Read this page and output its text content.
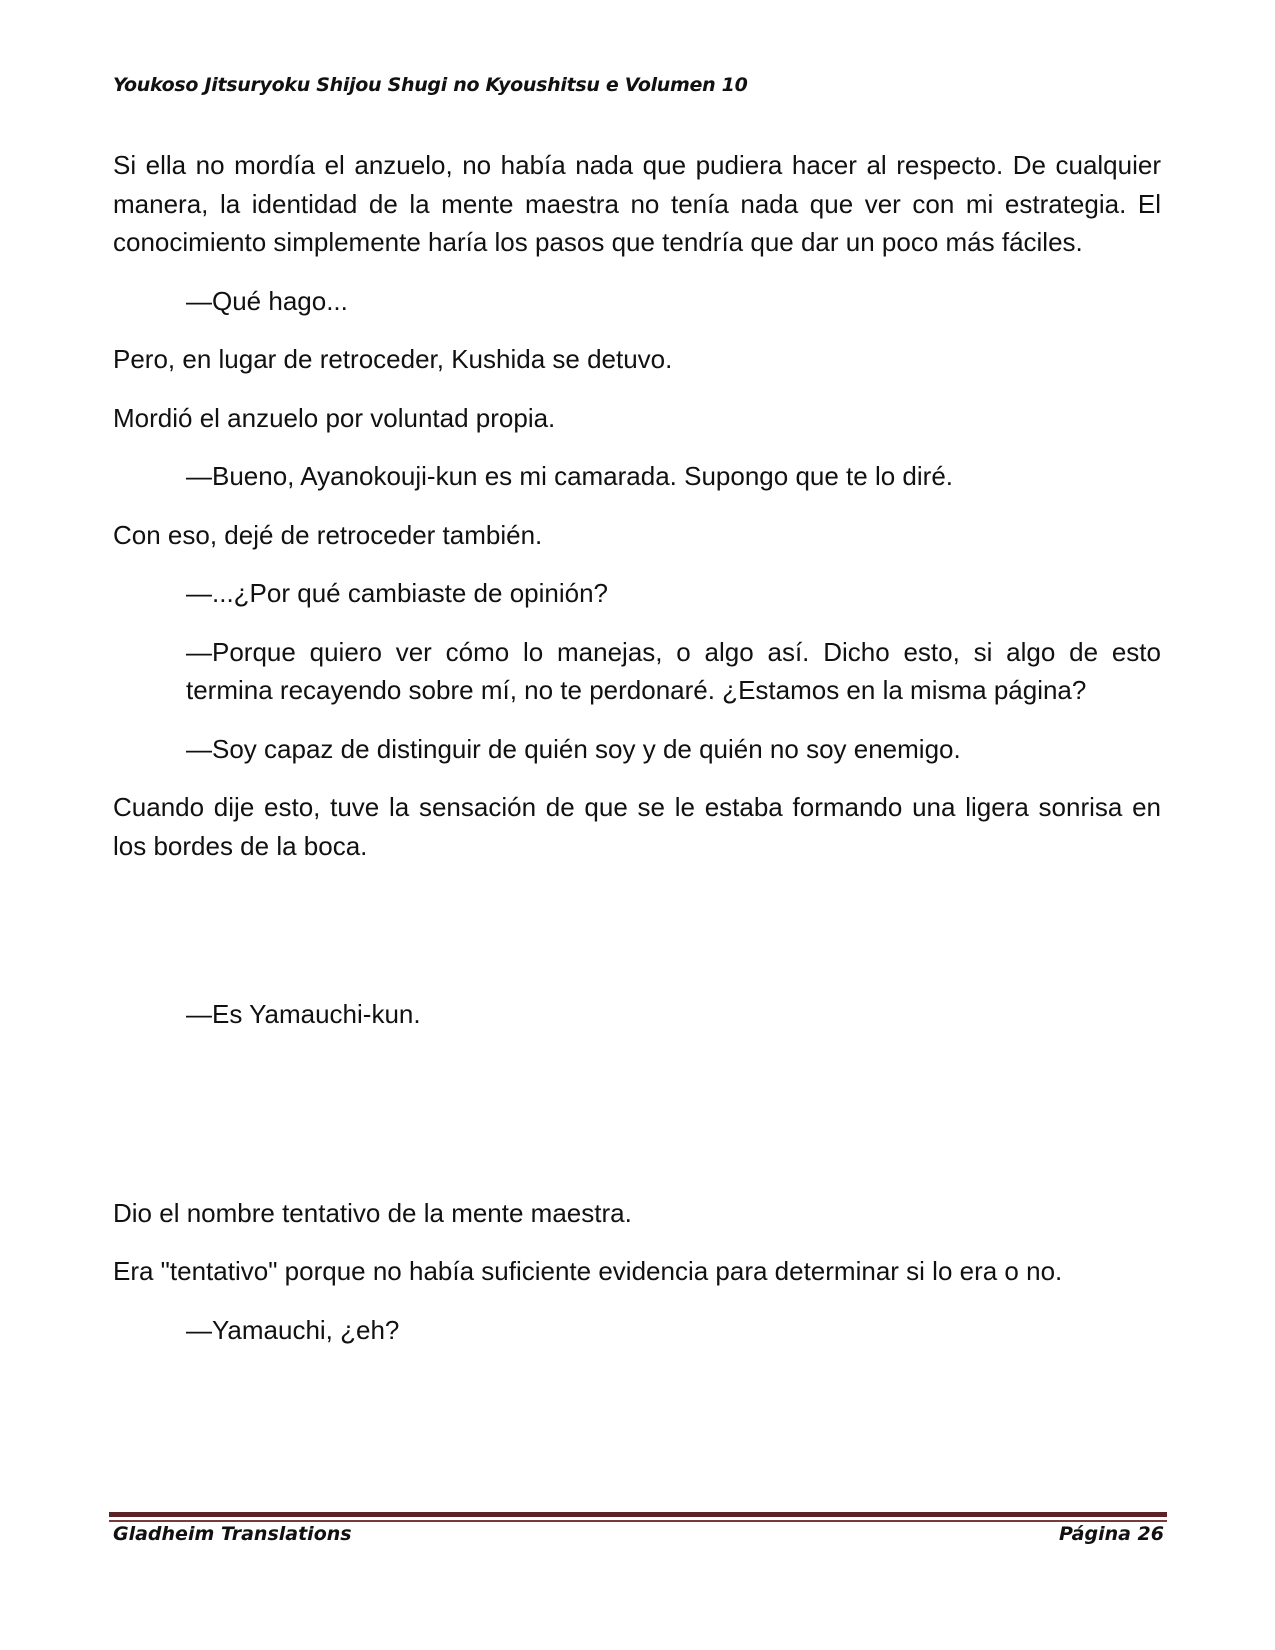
Youkoso Jitsuryoku Shijou Shugi no Kyoushitsu e Volumen 10

Si ella no mordía el anzuelo, no había nada que pudiera hacer al respecto. De cualquier manera, la identidad de la mente maestra no tenía nada que ver con mi estrategia. El conocimiento simplemente haría los pasos que tendría que dar un poco más fáciles.

—Qué hago...

Pero, en lugar de retroceder, Kushida se detuvo.

Mordió el anzuelo por voluntad propia.

—Bueno, Ayanokouji-kun es mi camarada. Supongo que te lo diré.

Con eso, dejé de retroceder también.

—...¿Por qué cambiaste de opinión?

—Porque quiero ver cómo lo manejas, o algo así. Dicho esto, si algo de esto termina recayendo sobre mí, no te perdonaré. ¿Estamos en la misma página?

—Soy capaz de distinguir de quién soy y de quién no soy enemigo.

Cuando dije esto, tuve la sensación de que se le estaba formando una ligera sonrisa en los bordes de la boca.

—Es Yamauchi-kun.

Dio el nombre tentativo de la mente maestra.

Era "tentativo" porque no había suficiente evidencia para determinar si lo era o no.

—Yamauchi, ¿eh?

Gladheim Translations	Página 26
